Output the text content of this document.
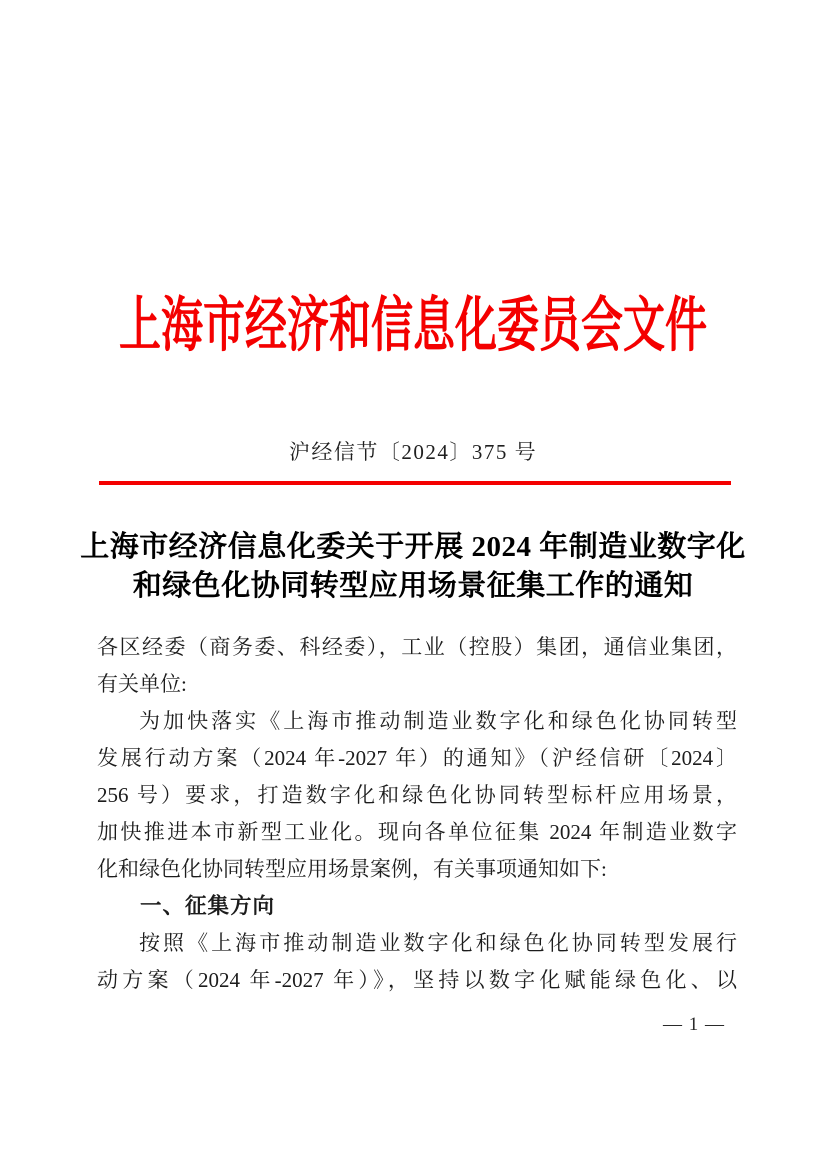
上海市经济和信息化委员会文件
沪经信节〔2024〕375 号
上海市经济信息化委关于开展 2024 年制造业数字化
和绿色化协同转型应用场景征集工作的通知
各区经委（商务委、科经委），工业（控股）集团，通信业集团，
有关单位:
为加快落实《上海市推动制造业数字化和绿色化协同转型
发展行动方案（2024 年-2027 年）的通知》（沪经信研〔2024〕
256 号）要求，打造数字化和绿色化协同转型标杆应用场景，
加快推进本市新型工业化。现向各单位征集 2024 年制造业数字
化和绿色化协同转型应用场景案例，有关事项通知如下:
一、征集方向
按照《上海市推动制造业数字化和绿色化协同转型发展行
动方案（2024 年-2027 年）》，坚持以数字化赋能绿色化、以
— 1 —
